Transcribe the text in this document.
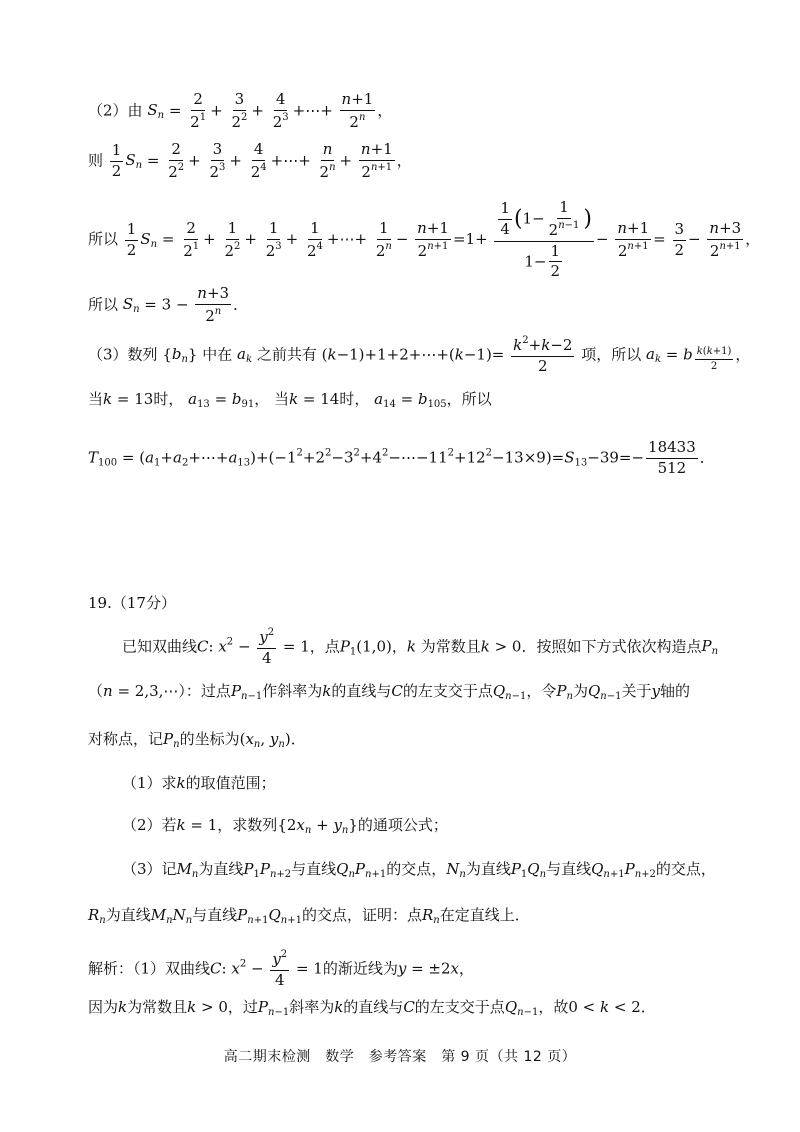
（2）由 $S_n = \frac{2}{2^1} + \frac{3}{2^2} + \frac{4}{2^3}$ +⋯+ $\frac{n+1}{2^n}$ ，
则 $\frac{1}{2} S_n = \frac{2}{2^2} + \frac{3}{2^3} + \frac{4}{2^4}$ +⋯+ $\frac{n}{2^n} + \frac{n+1}{2^{n+1}}$ ，
所以 $\frac{1}{2} S_n = \frac{2}{2^1} + \frac{1}{2^2} + \frac{1}{2^3} + \frac{1}{2^4}$ +⋯+ $\frac{1}{2^n} - \frac{n+1}{2^{n+1}} =1+ \frac{\frac{1}{4} (1- \frac{1}{2^{n-1}} )}{1- \frac{1}{2}} - \frac{n+1}{2^{n+1}} = \frac{3}{2} - \frac{n+3}{2^{n+1}}$ ，
所以 $S_n = 3 - \frac{n+3}{2^n}$ ．
（3）数列 $\{b_n\}$ 中在 $a_k$ 之前共有 (k−1)+1+2+⋯+(k−1)= $\frac{k^2+k-2}{2}$ 项，所以 $a_k = b$ $_{\frac{k(k+1)}{2}}$ ，
当k = 13时， $a_{13} = b_{91}$， 当k = 14时， $a_{14} = b_{105}$，所以
$T_{100}$ = $(a_1+a_2+\cdots+a_{13})+(-1^2+2^2-3^2+4^2-\cdots-11^2+12^2-13\times 9)=S_{13}-39=- \frac{18433}{512}$ ．
19.（17分）
已知双曲线C: $x^2 - \frac{y^2}{4} = 1$，点$P_1(1,0)$，k 为常数且k > 0．按照如下方式依次构造点$P_n$
（n = 2,3,⋯）：过点$P_{n-1}$作斜率为k的直线与C的左支交于点$Q_{n-1}$，令$P_n$为$Q_{n-1}$关于y轴的
对称点，记$P_n$的坐标为($x_n$, $y_n$)．
（1）求k的取值范围；
（2）若k = 1，求数列$\{2x_n + y_n\}$的通项公式；
（3）记$M_n$为直线$P_1P_{n+2}$与直线$Q_nP_{n+1}$的交点，$N_n$为直线$P_1Q_n$与直线$Q_{n+1}P_{n+2}$的交点，
$R_n$为直线$M_nN_n$与直线$P_{n+1}Q_{n+1}$的交点，证明：点$R_n$在定直线上．
解析：（1）双曲线C: $x^2 - \frac{y^2}{4} = 1$的渐近线为y = ±2x，
因为k为常数且k > 0，过$P_{n-1}$斜率为k的直线与C的左支交于点$Q_{n-1}$，故0 < k < 2．
高二期末检测　数学　参考答案　第 9 页（共 12 页）
